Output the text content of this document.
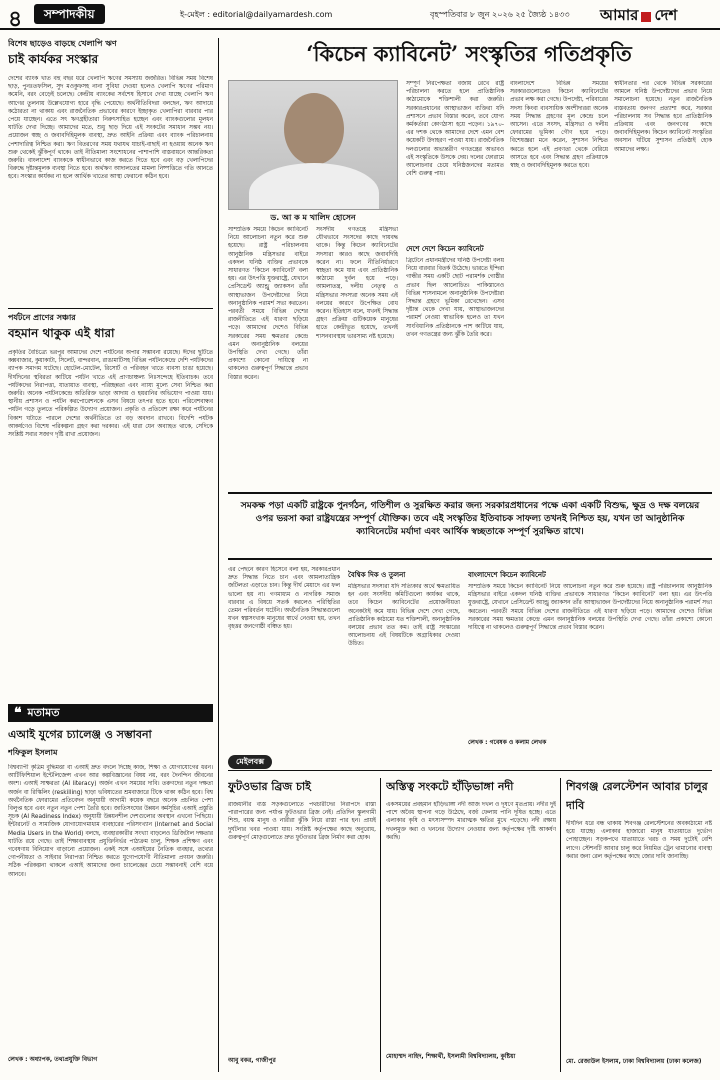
৪	সম্পাদকীয়	ই-মেইল : editorial@dailyamardesh.com	বৃহস্পতিবার ৮ জুন ২০২৬ ২৫ জ্যৈষ্ঠ ১৪৩৩ আমার দেশ
বিশেষ ছাড়েও বাড়ছে খেলাপি ঋণ
চাই কার্যকর সংস্কার
দেশের ব্যাংক খাত বহু বছর ধরে খেলাপি ঋণের সমস্যায় জর্জরিত। বিভিন্ন সময় বিশেষ ছাড়, পুনঃতফসিল, সুদ মওকুফসহ নানা সুবিধা দেওয়া হলেও খেলাপি ঋণের পরিমাণ কমেনি, বরং বেড়েই চলেছে। কেন্দ্রীয় ব্যাংকের সর্বশেষ হিসাবে দেখা যাচ্ছে খেলাপি ঋণ আগের তুলনায় উল্লেখযোগ্য হারে বৃদ্ধি পেয়েছে। অর্থনীতিবিদরা বলছেন, ঋণ আদায়ে কঠোরতা না থাকায় এবং রাজনৈতিক প্রভাবের কারণে ইচ্ছাকৃত খেলাপিরা বারবার পার পেয়ে যাচ্ছেন। এতে সৎ ঋণগ্রহীতারা নিরুৎসাহিত হচ্ছেন এবং ব্যাংকগুলোর মূলধন ঘাটতি দেখা দিচ্ছে। আমাদের মতে, শুধু ছাড় দিয়ে এই সংকটের সমাধান সম্ভব নয়। প্রয়োজন স্বচ্ছ ও জবাবদিহিমূলক ব্যবস্থা, দ্রুত আইনি প্রক্রিয়া এবং ব্যাংক পরিচালনায় পেশাদারিত্ব নিশ্চিত করা। ঋণ বিতরণের সময় যথাযথ যাচাই-বাছাই না হওয়ায় অনেক ঋণ শুরু থেকেই ঝুঁকিপূর্ণ থাকে। তাই নীতিমালা সংশোধনের পাশাপাশি বাস্তবায়নে আন্তরিকতা জরুরি। বাংলাদেশ ব্যাংককে স্বাধীনভাবে কাজ করতে দিতে হবে এবং বড় খেলাপিদের বিরুদ্ধে দৃষ্টান্তমূলক ব্যবস্থা নিতে হবে। অর্থঋণ আদালতের মামলা নিষ্পত্তিতে গতি আনতে হবে। সংস্কার কার্যকর না হলে আর্থিক খাতের আস্থা ফেরানো কঠিন হবে।
পর্যটনে প্রাণের সঞ্চার
বহমান থাকুক এই ধারা
প্রকৃতির বৈচিত্র্যে ভরপুর আমাদের দেশে পর্যটনের অপার সম্ভাবনা রয়েছে। ঈদের ছুটিতে কক্সবাজার, কুয়াকাটা, সিলেট, বান্দরবান, রাঙামাটিসহ বিভিন্ন পর্যটনকেন্দ্রে দেশি পর্যটকদের ব্যাপক সমাগম ঘটেছে। হোটেল-মোটেল, রিসোর্ট ও পরিবহন খাতে ব্যবসা চাঙা হয়েছে। দীর্ঘদিনের স্থবিরতা কাটিয়ে পর্যটন খাতে এই প্রাণচাঞ্চল্য নিঃসন্দেহে ইতিবাচক। তবে পর্যটকদের নিরাপত্তা, যাতায়াত ব্যবস্থা, পরিচ্ছন্নতা এবং ন্যায্য মূল্যে সেবা নিশ্চিত করা জরুরি। অনেক পর্যটনকেন্দ্রে অতিরিক্ত ভাড়া আদায় ও হয়রানির অভিযোগ পাওয়া যায়। স্থানীয় প্রশাসন ও পর্যটন করপোরেশনকে এসব বিষয়ে তৎপর হতে হবে। পরিবেশবান্ধব পর্যটন গড়ে তুলতে পরিকল্পিত উদ্যোগ প্রয়োজন। প্রকৃতি ও প্রতিবেশ রক্ষা করে পর্যটনের বিকাশ ঘটাতে পারলে দেশের অর্থনীতিতে তা বড় অবদান রাখবে। বিদেশি পর্যটক আকর্ষণেও বিশেষ পরিকল্পনা গ্রহণ করা দরকার। এই ধারা যেন অব্যাহত থাকে, সেদিকে সংশ্লিষ্ট সবার সজাগ দৃষ্টি রাখা প্রয়োজন।
❝ মতামত
এআই যুগের চ্যালেঞ্জ ও সম্ভাবনা
শফিকুল ইসলাম
বিশ্বব্যাপী কৃত্রিম বুদ্ধিমত্তা বা এআই দ্রুত বদলে দিচ্ছে কাজ, শিক্ষা ও যোগাযোগের ধরন। আর্টিফিশিয়াল ইন্টেলিজেন্স এখন আর কল্পবিজ্ঞানের বিষয় নয়, বরং দৈনন্দিন জীবনের অংশ। এআই সাক্ষরতা (AI literacy) অর্জন এখন সময়ের দাবি। তরুণদের নতুন দক্ষতা অর্জন বা রিস্কিলিং (reskilling) ছাড়া ভবিষ্যতের শ্রমবাজারে টিকে থাকা কঠিন হবে। বিশ্ব অর্থনৈতিক ফোরামের প্রতিবেদন অনুযায়ী আগামী কয়েক বছরে অনেক প্রচলিত পেশা বিলুপ্ত হবে এবং নতুন নতুন পেশা তৈরি হবে। জাতিসংঘের উন্নয়ন কর্মসূচির এআই প্রস্তুতি সূচক (AI Readiness Index) অনুযায়ী উন্নয়নশীল দেশগুলোর অবস্থান এখনো পিছিয়ে। ইন্টারনেট ও সামাজিক যোগাযোগমাধ্যম ব্যবহারের পরিসংখ্যান (Internet and Social Media Users in the World) বলছে, ব্যবহারকারীর সংখ্যা বাড়লেও ডিজিটাল দক্ষতার ঘাটতি রয়ে গেছে। তাই শিক্ষাব্যবস্থায় প্রযুক্তিনির্ভর পাঠ্যক্রম চালু, শিক্ষক প্রশিক্ষণ এবং গবেষণায় বিনিয়োগ বাড়ানো প্রয়োজন। একই সঙ্গে এআইয়ের নৈতিক ব্যবহার, তথ্যের গোপনীয়তা ও সাইবার নিরাপত্তা নিশ্চিত করতে যুগোপযোগী নীতিমালা প্রণয়ন জরুরি। সঠিক পরিকল্পনা থাকলে এআই আমাদের জন্য চ্যালেঞ্জের চেয়ে সম্ভাবনাই বেশি বয়ে আনবে।
লেখক : অধ্যাপক, তথ্যপ্রযুক্তি বিভাগ
‘কিচেন ক্যাবিনেট’ সংস্কৃতির গতিপ্রকৃতি
ড. আ ক ম খালিদ হোসেন
সাম্প্রতিক সময়ে কিচেন ক্যাবিনেট নিয়ে আলোচনা নতুন করে শুরু হয়েছে। রাষ্ট্র পরিচালনায় আনুষ্ঠানিক মন্ত্রিসভার বাইরে একদল ঘনিষ্ঠ ব্যক্তির প্রভাবকে সাধারণত ‘কিচেন ক্যাবিনেট’ বলা হয়। এর উৎপত্তি যুক্তরাষ্ট্রে, যেখানে প্রেসিডেন্ট অ্যান্ড্রু জ্যাকসন তাঁর আস্থাভাজন উপদেষ্টাদের নিয়ে অনানুষ্ঠানিক পরামর্শ সভা করতেন। পরবর্তী সময়ে বিভিন্ন দেশের রাজনীতিতে এই ধারণা ছড়িয়ে পড়ে। আমাদের দেশেও বিভিন্ন সরকারের সময় ক্ষমতার কেন্দ্রে এমন অনানুষ্ঠানিক বলয়ের উপস্থিতি দেখা গেছে। তাঁরা প্রকাশ্যে কোনো দায়িত্বে না থাকলেও গুরুত্বপূর্ণ সিদ্ধান্তে প্রভাব বিস্তার করেন।
সংসদীয় গণতন্ত্রে মন্ত্রিসভা যৌথভাবে সংসদের কাছে দায়বদ্ধ থাকে। কিন্তু কিচেন ক্যাবিনেটের সদস্যরা কারও কাছে জবাবদিহি করেন না। ফলে নীতিনির্ধারণে স্বচ্ছতা কমে যায় এবং প্রাতিষ্ঠানিক কাঠামো দুর্বল হয়ে পড়ে। আমলাতন্ত্র, দলীয় নেতৃত্ব ও মন্ত্রিসভার সদস্যরা অনেক সময় এই বলয়ের কারণে উপেক্ষিত বোধ করেন। ইতিহাস বলে, যখনই সিদ্ধান্ত গ্রহণ প্রক্রিয়া গুটিকয়েক মানুষের হাতে কেন্দ্রীভূত হয়েছে, তখনই শাসনব্যবস্থায় ভারসাম্য নষ্ট হয়েছে।
সম্পূর্ণ নিরপেক্ষতা বজায় রেখে রাষ্ট্র পরিচালনা করতে হলে প্রাতিষ্ঠানিক কাঠামোকে শক্তিশালী করা জরুরি। সরকারপ্রধানের আস্থাভাজন ব্যক্তিরা যদি প্রশাসনে প্রভাব বিস্তার করেন, তবে যোগ্য কর্মকর্তারা কোণঠাসা হয়ে পড়েন। ১৯৭০-এর দশক থেকে আমাদের দেশে এমন বেশ কয়েকটি উদাহরণ পাওয়া যায়। রাজনৈতিক দলগুলোর অভ্যন্তরীণ গণতন্ত্রের অভাবও এই সংস্কৃতিকে উসকে দেয়। দলের ফোরামে আলোচনার চেয়ে ঘনিষ্ঠজনদের মতামত বেশি গুরুত্ব পায়।
দেশে দেশে কিচেন ক্যাবিনেট
ব্রিটেনে প্রধানমন্ত্রীদের ঘনিষ্ঠ উপদেষ্টা বলয় নিয়ে বারবার বিতর্ক উঠেছে। ভারতে ইন্দিরা গান্ধীর সময় একটি ছোট পরামর্শক গোষ্ঠীর প্রভাব ছিল আলোচিত। পাকিস্তানেও বিভিন্ন শাসনামলে অনানুষ্ঠানিক উপদেষ্টারা সিদ্ধান্ত গ্রহণে ভূমিকা রেখেছেন। এসব দৃষ্টান্ত থেকে দেখা যায়, আস্থাভাজনদের পরামর্শ নেওয়া স্বাভাবিক হলেও তা যখন সাংবিধানিক প্রতিষ্ঠানকে পাশ কাটিয়ে যায়, তখন গণতন্ত্রের জন্য ঝুঁকি তৈরি করে।
বাংলাদেশে বিভিন্ন সময়ের সরকারগুলোতেও কিচেন ক্যাবিনেটের প্রভাব লক্ষ করা গেছে। উপদেষ্টা, পরিবারের সদস্য কিংবা ব্যবসায়িক অংশীদাররা অনেক সময় সিদ্ধান্ত গ্রহণের মূল কেন্দ্রে চলে আসেন। এতে সংসদ, মন্ত্রিসভা ও দলীয় ফোরামের ভূমিকা গৌণ হয়ে পড়ে। বিশেষজ্ঞরা মনে করেন, সুশাসন নিশ্চিত করতে হলে এই প্রবণতা থেকে বেরিয়ে আসতে হবে এবং সিদ্ধান্ত গ্রহণ প্রক্রিয়াকে স্বচ্ছ ও জবাবদিহিমূলক করতে হবে।
স্বাধীনতার পর থেকে বিভিন্ন সরকারের আমলে ঘনিষ্ঠ উপদেষ্টাদের প্রভাব নিয়ে সমালোচনা হয়েছে। নতুন রাজনৈতিক বাস্তবতায় জনগণ প্রত্যাশা করে, সরকার পরিচালনায় সব সিদ্ধান্ত হবে প্রাতিষ্ঠানিক প্রক্রিয়ায় এবং জনগণের কাছে জবাবদিহিমূলক। কিচেন ক্যাবিনেট সংস্কৃতির অবসান ঘটিয়ে সুশাসন প্রতিষ্ঠাই হোক আমাদের লক্ষ্য।
সমকক্ষ পড়া একটি রাষ্ট্রকে পুনর্গঠন, গতিশীল ও সুরক্ষিত করার জন্য সরকারপ্রধানের পক্ষে একা একটি বিশুদ্ধ, ক্ষুদ্র ও দক্ষ বলয়ের ওপর ভরসা করা রাষ্ট্রযন্ত্রের সম্পূর্ণ যৌক্তিক। তবে এই সংস্কৃতির ইতিবাচক সাফল্য তখনই নিশ্চিত হয়, যখন তা আনুষ্ঠানিক ক্যাবিনেটের মর্যাদা এবং আর্থিক স্বচ্ছতাকে সম্পূর্ণ সুরক্ষিত রাখে।
এর পেছনে কারণ হিসেবে বলা হয়, সরকারপ্রধান দ্রুত সিদ্ধান্ত নিতে চান এবং আমলাতান্ত্রিক জটিলতা এড়াতে চান। কিন্তু দীর্ঘ মেয়াদে এর ফল ভালো হয় না। গণমাধ্যম ও নাগরিক সমাজ বারবার এ বিষয়ে সতর্ক করলেও পরিস্থিতির তেমন পরিবর্তন ঘটেনি। অর্থনৈতিক সিদ্ধান্তগুলো যখন স্বল্পসংখ্যক মানুষের স্বার্থে নেওয়া হয়, তখন বৃহত্তর জনগোষ্ঠী বঞ্চিত হয়।
বৈশ্বিক দিক ও তুলনা
মন্ত্রিসভার সদস্যরা যদি সত্যিকার অর্থে ক্ষমতায়িত হন এবং সংসদীয় কমিটিগুলো কার্যকর থাকে, তবে কিচেন ক্যাবিনেটের প্রয়োজনীয়তা অনেকটাই কমে যায়। বিভিন্ন দেশে দেখা গেছে, প্রাতিষ্ঠানিক কাঠামো যত শক্তিশালী, অনানুষ্ঠানিক বলয়ের প্রভাব তত কম। তাই রাষ্ট্র সংস্কারের আলোচনায় এই বিষয়টিকে অগ্রাধিকার দেওয়া উচিত।
বাংলাদেশে কিচেন ক্যাবিনেট
সাম্প্রতিক সময়ে কিচেন ক্যাবিনেট নিয়ে আলোচনা নতুন করে শুরু হয়েছে। রাষ্ট্র পরিচালনায় আনুষ্ঠানিক মন্ত্রিসভার বাইরে একদল ঘনিষ্ঠ ব্যক্তির প্রভাবকে সাধারণত ‘কিচেন ক্যাবিনেট’ বলা হয়। এর উৎপত্তি যুক্তরাষ্ট্রে, যেখানে প্রেসিডেন্ট অ্যান্ড্রু জ্যাকসন তাঁর আস্থাভাজন উপদেষ্টাদের নিয়ে অনানুষ্ঠানিক পরামর্শ সভা করতেন। পরবর্তী সময়ে বিভিন্ন দেশের রাজনীতিতে এই ধারণা ছড়িয়ে পড়ে। আমাদের দেশেও বিভিন্ন সরকারের সময় ক্ষমতার কেন্দ্রে এমন অনানুষ্ঠানিক বলয়ের উপস্থিতি দেখা গেছে। তাঁরা প্রকাশ্যে কোনো দায়িত্বে না থাকলেও গুরুত্বপূর্ণ সিদ্ধান্তে প্রভাব বিস্তার করেন।
লেখক : গবেষক ও কলাম লেখক
মেইলবক্স
ফুটওভার ব্রিজ চাই
রাজধানীর ব্যস্ত সড়কগুলোতে পথচারীদের নিরাপদে রাস্তা পারাপারের জন্য পর্যাপ্ত ফুটওভার ব্রিজ নেই। প্রতিদিন স্কুলগামী শিশু, বয়স্ক মানুষ ও নারীরা ঝুঁকি নিয়ে রাস্তা পার হন। প্রায়ই দুর্ঘটনার খবর পাওয়া যায়। সংশ্লিষ্ট কর্তৃপক্ষের কাছে অনুরোধ, গুরুত্বপূর্ণ মোড়গুলোতে দ্রুত ফুটওভার ব্রিজ নির্মাণ করা হোক।
আবু বকর, গাজীপুর
অস্তিত্ব সংকটে হাঁড়িভাঙ্গা নদী
একসময়ের প্রবহমান হাঁড়িভাঙ্গা নদী আজ দখল ও দূষণে মৃতপ্রায়। নদীর দুই পাশে অবৈধ স্থাপনা গড়ে উঠেছে, বর্জ্য ফেলায় পানি দূষিত হচ্ছে। এতে এলাকার কৃষি ও মৎস্যসম্পদ মারাত্মক ক্ষতির মুখে পড়েছে। নদী রক্ষায় দখলমুক্ত করা ও খননের উদ্যোগ নেওয়ার জন্য কর্তৃপক্ষের দৃষ্টি আকর্ষণ করছি।
মোহাম্মদ নাহিদ, শিক্ষার্থী, ইসলামী বিশ্ববিদ্যালয়, কুষ্টিয়া
শিবগঞ্জ রেলস্টেশন আবার চালুর দাবি
দীর্ঘদিন ধরে বন্ধ থাকায় শিবগঞ্জ রেলস্টেশনের অবকাঠামো নষ্ট হয়ে যাচ্ছে। এলাকার হাজারো মানুষ যাতায়াতে দুর্ভোগ পোহাচ্ছেন। সড়কপথে যাতায়াতে খরচ ও সময় দুটোই বেশি লাগে। স্টেশনটি আবার চালু করে নিয়মিত ট্রেন থামানোর ব্যবস্থা করার জন্য রেল কর্তৃপক্ষের কাছে জোর দাবি জানাচ্ছি।
মো. রেজাউল ইসলাম, ঢাকা বিশ্ববিদ্যালয় (ঢাকা কলেজ)
